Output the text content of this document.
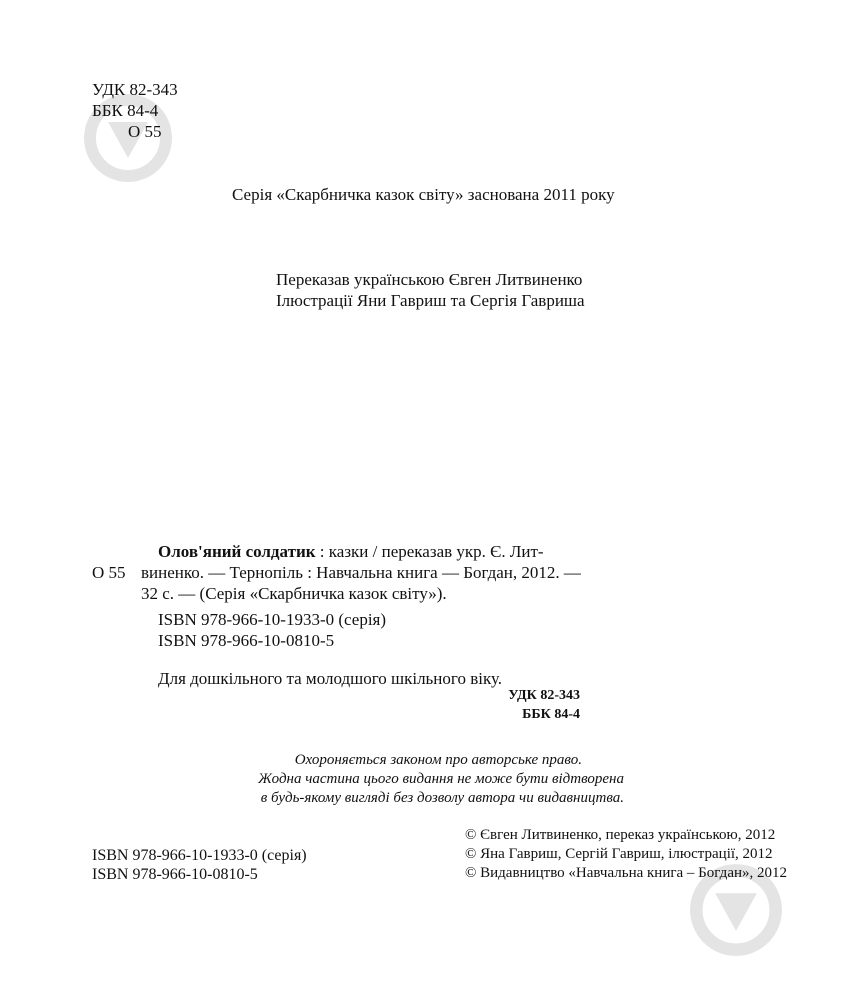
УДК 82-343
ББК 84-4
О 55
Серія «Скарбничка казок світу» заснована 2011 року
Переказав українською Євген Литвиненко
Ілюстрації Яни Гавриш та Сергія Гавриша
Олов'яний солдатик : казки / переказав укр. Є. Лит-
О 55 виненко. — Тернопіль : Навчальна книга — Богдан, 2012. —
32 с. — (Серія «Скарбничка казок світу»).
ISBN 978-966-10-1933-0 (серія)
ISBN 978-966-10-0810-5
Для дошкільного та молодшого шкільного віку.
УДК 82-343
ББК 84-4
Охороняється законом про авторське право.
Жодна частина цього видання не може бути відтворена
в будь-якому вигляді без дозволу автора чи видавництва.
ISBN 978-966-10-1933-0 (серія)
ISBN 978-966-10-0810-5
© Євген Литвиненко, переказ українською, 2012
© Яна Гавриш, Сергій Гавриш, ілюстрації, 2012
© Видавництво «Навчальна книга – Богдан», 2012
